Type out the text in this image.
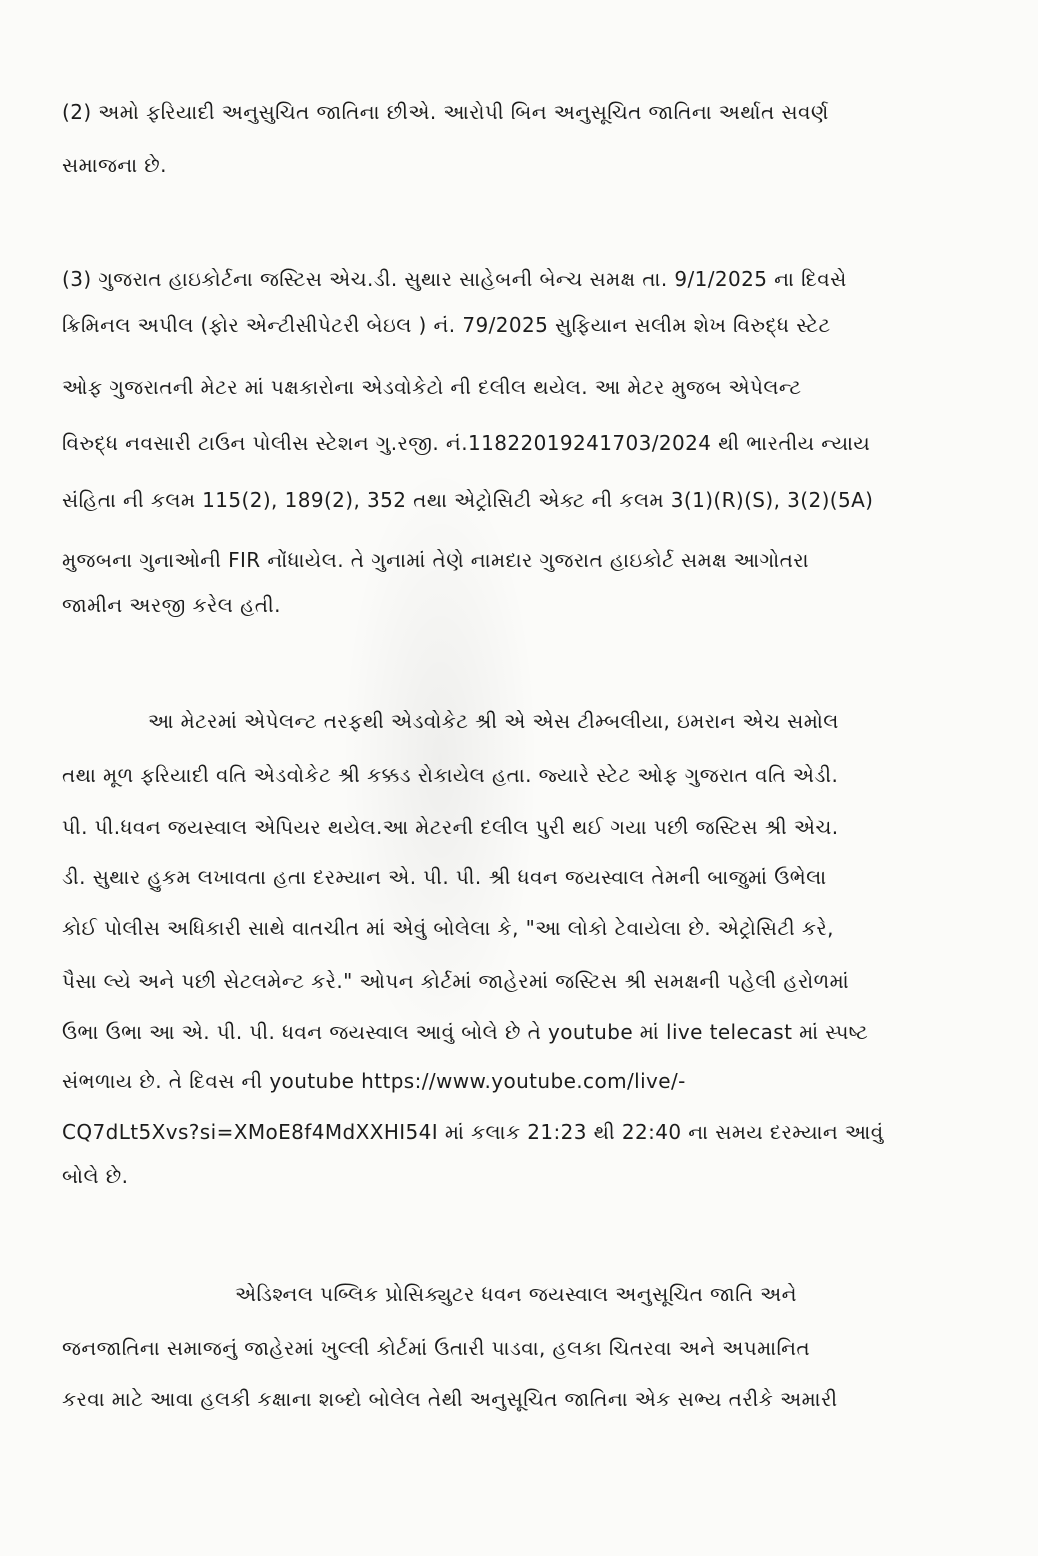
(2) અમો ફરિયાદી અનુસુચિત જાતિના છીએ. આરોપી બિન અનુસૂચિત જાતિના અર્થાત સવર્ણ
સમાજના છે.
(3) ગુજરાત હાઇકોર્ટના જસ્ટિસ એચ.ડી. સુથાર સાહેબની બેન્ચ સમક્ષ તા. 9/1/2025 ના દિવસે
ક્રિમિનલ અપીલ (ફોર એન્ટીસીપેટરી બેઇલ ) નં. 79/2025 સુફિયાન સલીમ શેખ વિરુદ્ધ સ્ટેટ
ઓફ ગુજરાતની મેટર માં પક્ષકારોના એડવોકેટો ની દલીલ થયેલ. આ મેટર મુજબ એપેલન્ટ
વિરુદ્ધ નવસારી ટાઉન પોલીસ સ્ટેશન ગુ.રજી. નં.11822019241703/2024 થી ભારતીય ન્યાય
સંહિતા ની કલમ 115(2), 189(2), 352 તથા એટ્રોસિટી એક્ટ ની કલમ 3(1)(R)(S), 3(2)(5A)
મુજબના ગુનાઓની FIR નોંધાયેલ. તે ગુનામાં તેણે નામદાર ગુજરાત હાઇકોર્ટ સમક્ષ આગોતરા
જામીન અરજી કરેલ હતી.
આ મેટરમાં એપેલન્ટ તરફથી એડવોકેટ શ્રી એ એસ ટીમ્બલીયા, ઇમરાન એચ સમોલ
તથા મૂળ ફરિયાદી વતિ એડવોકેટ શ્રી કક્કડ રોકાયેલ હતા. જ્યારે સ્ટેટ ઓફ ગુજરાત વતિ એડી.
પી. પી.ધવન જયસ્વાલ એપિયર થયેલ.આ મેટરની દલીલ પુરી થઈ ગયા પછી જસ્ટિસ શ્રી એચ.
ડી. સુથાર હુકમ લખાવતા હતા દરમ્યાન એ. પી. પી. શ્રી ધવન જયસ્વાલ તેમની બાજુમાં ઉભેલા
કોઈ પોલીસ અધિકારી સાથે વાતચીત માં એવું બોલેલા કે, "આ લોકો ટેવાયેલા છે. એટ્રોસિટી કરે,
પૈસા લ્યે અને પછી સેટલમેન્ટ કરે." ઓપન કોર્ટમાં જાહેરમાં જસ્ટિસ શ્રી સમક્ષની પહેલી હરોળમાં
ઉભા ઉભા આ એ. પી. પી. ધવન જયસ્વાલ આવું બોલે છે તે youtube માં live telecast માં સ્પષ્ટ
સંભળાય છે. તે દિવસ ની youtube https://www.youtube.com/live/-
CQ7dLt5Xvs?si=XMoE8f4MdXXHI54I માં કલાક 21:23 થી 22:40 ના સમય દરમ્યાન આવું
બોલે છે.
એડિશ્નલ પબ્લિક પ્રોસિક્યુટર ધવન જયસ્વાલ અનુસૂચિત જાતિ અને
જનજાતિના સમાજનું જાહેરમાં ખુલ્લી કોર્ટમાં ઉતારી પાડવા, હલકા ચિતરવા અને અપમાનિત
કરવા માટે આવા હલકી કક્ષાના શબ્દો બોલેલ તેથી અનુસૂચિત જાતિના એક સભ્ય તરીકે અમારી
